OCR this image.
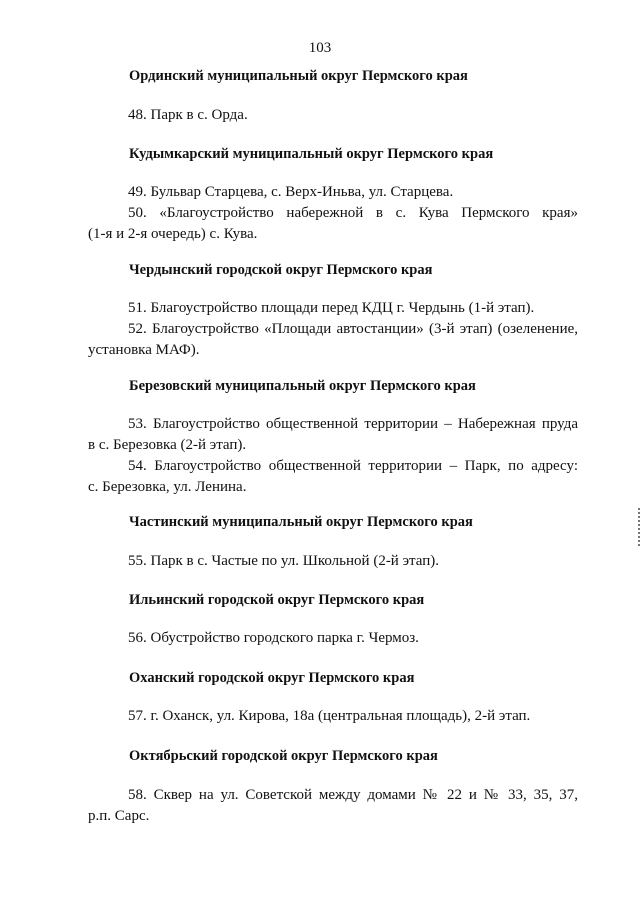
103
Ординский муниципальный округ Пермского края

48. Парк в с. Орда.

Кудымкарский муниципальный округ Пермского края

49. Бульвар Старцева, с. Верх-Иньва, ул. Старцева.

50. «Благоустройство набережной в с. Кува Пермского края»

(1-я и 2-я очередь) с. Кува.

Чердынский городской округ Пермского края

51. Благоустройство площади перед КДЦ г. Чердынь (1-й этап).

52. Благоустройство «Площади автостанции» (3-й этап) (озеленение,

установка МАФ).

Березовский муниципальный округ Пермского края

53. Благоустройство общественной территории – Набережная пруда

в с. Березовка (2-й этап).

54. Благоустройство общественной территории – Парк, по адресу:

с. Березовка, ул. Ленина.

Частинский муниципальный округ Пермского края

55. Парк в с. Частые по ул. Школьной (2-й этап).

Ильинский городской округ Пермского края

56. Обустройство городского парка г. Чермоз.

Оханский городской округ Пермского края

57. г. Оханск, ул. Кирова, 18а (центральная площадь), 2-й этап.

Октябрьский городской округ Пермского края

58. Сквер на ул. Советской между домами № 22 и № 33, 35, 37,

р.п. Сарс.
